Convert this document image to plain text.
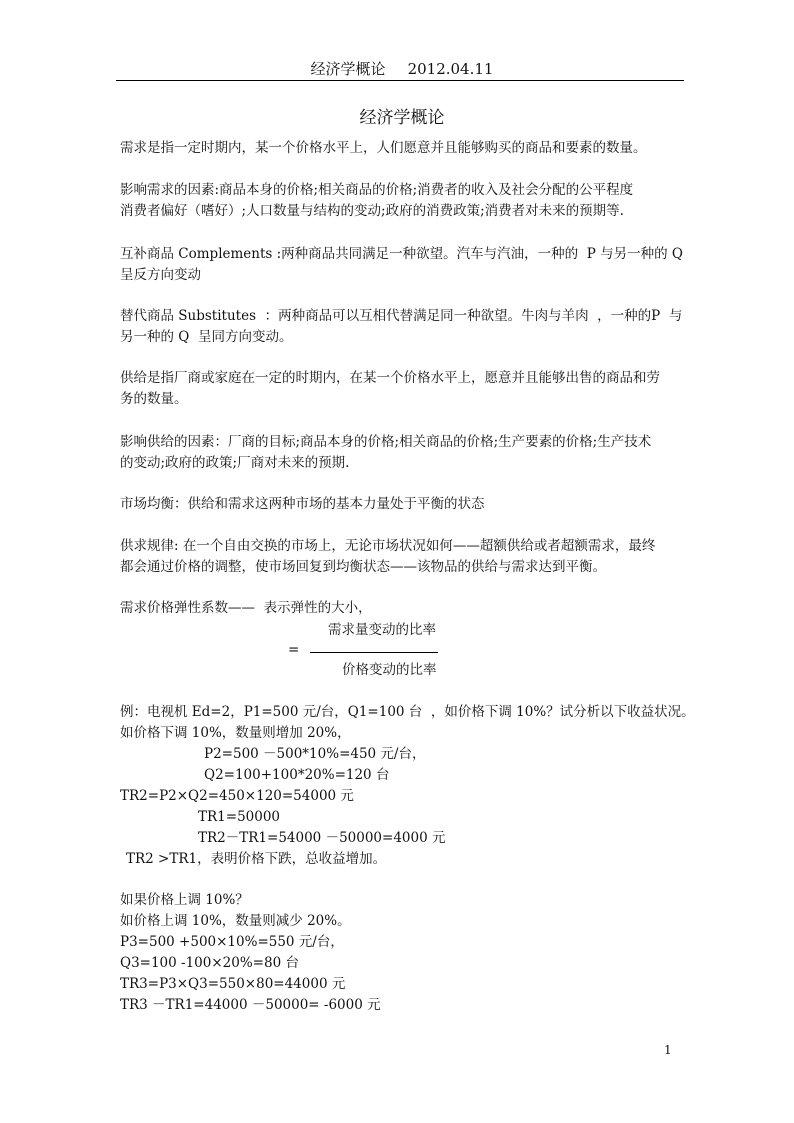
经济学概论 2012.04.11
经济学概论
需求是指一定时期内，某一个价格水平上，人们愿意并且能够购买的商品和要素的数量。
影响需求的因素:商品本身的价格;相关商品的价格;消费者的收入及社会分配的公平程度
消费者偏好（嗜好）;人口数量与结构的变动;政府的消费政策;消费者对未来的预期等.
互补商品 Complements :两种商品共同满足一种欲望。汽车与汽油，一种的  P 与另一种的 Q
呈反方向变动
替代商品 Substitutes  ：两种商品可以互相代替满足同一种欲望。牛肉与羊肉  ，一种的P  与
另一种的 Q  呈同方向变动。
供给是指厂商或家庭在一定的时期内，在某一个价格水平上，愿意并且能够出售的商品和劳
务的数量。
影响供给的因素：厂商的目标;商品本身的价格;相关商品的价格;生产要素的价格;生产技术
的变动;政府的政策;厂商对未来的预期.
市场均衡：供给和需求这两种市场的基本力量处于平衡的状态
供求规律: 在一个自由交换的市场上，无论市场状况如何——超额供给或者超额需求，最终
都会通过价格的调整，使市场回复到均衡状态——该物品的供给与需求达到平衡。
需求价格弹性系数——  表示弹性的大小，
需求量变动的比率
=
价格变动的比率
例：电视机 Ed=2，P1=500 元/台，Q1=100 台  ，如价格下调 10%？试分析以下收益状况。
如价格下调 10%，数量则增加 20%，
P2=500 －500*10%=450 元/台，
Q2=100+100*20%=120 台
TR2=P2×Q2=450×120=54000 元
TR1=50000
TR2－TR1=54000 －50000=4000 元
TR2 >TR1，表明价格下跌，总收益增加。
如果价格上调 10%？
如价格上调 10%，数量则减少 20%。
P3=500 +500×10%=550 元/台，
Q3=100 -100×20%=80 台
TR3=P3×Q3=550×80=44000 元
TR3 －TR1=44000 －50000= -6000 元
1
